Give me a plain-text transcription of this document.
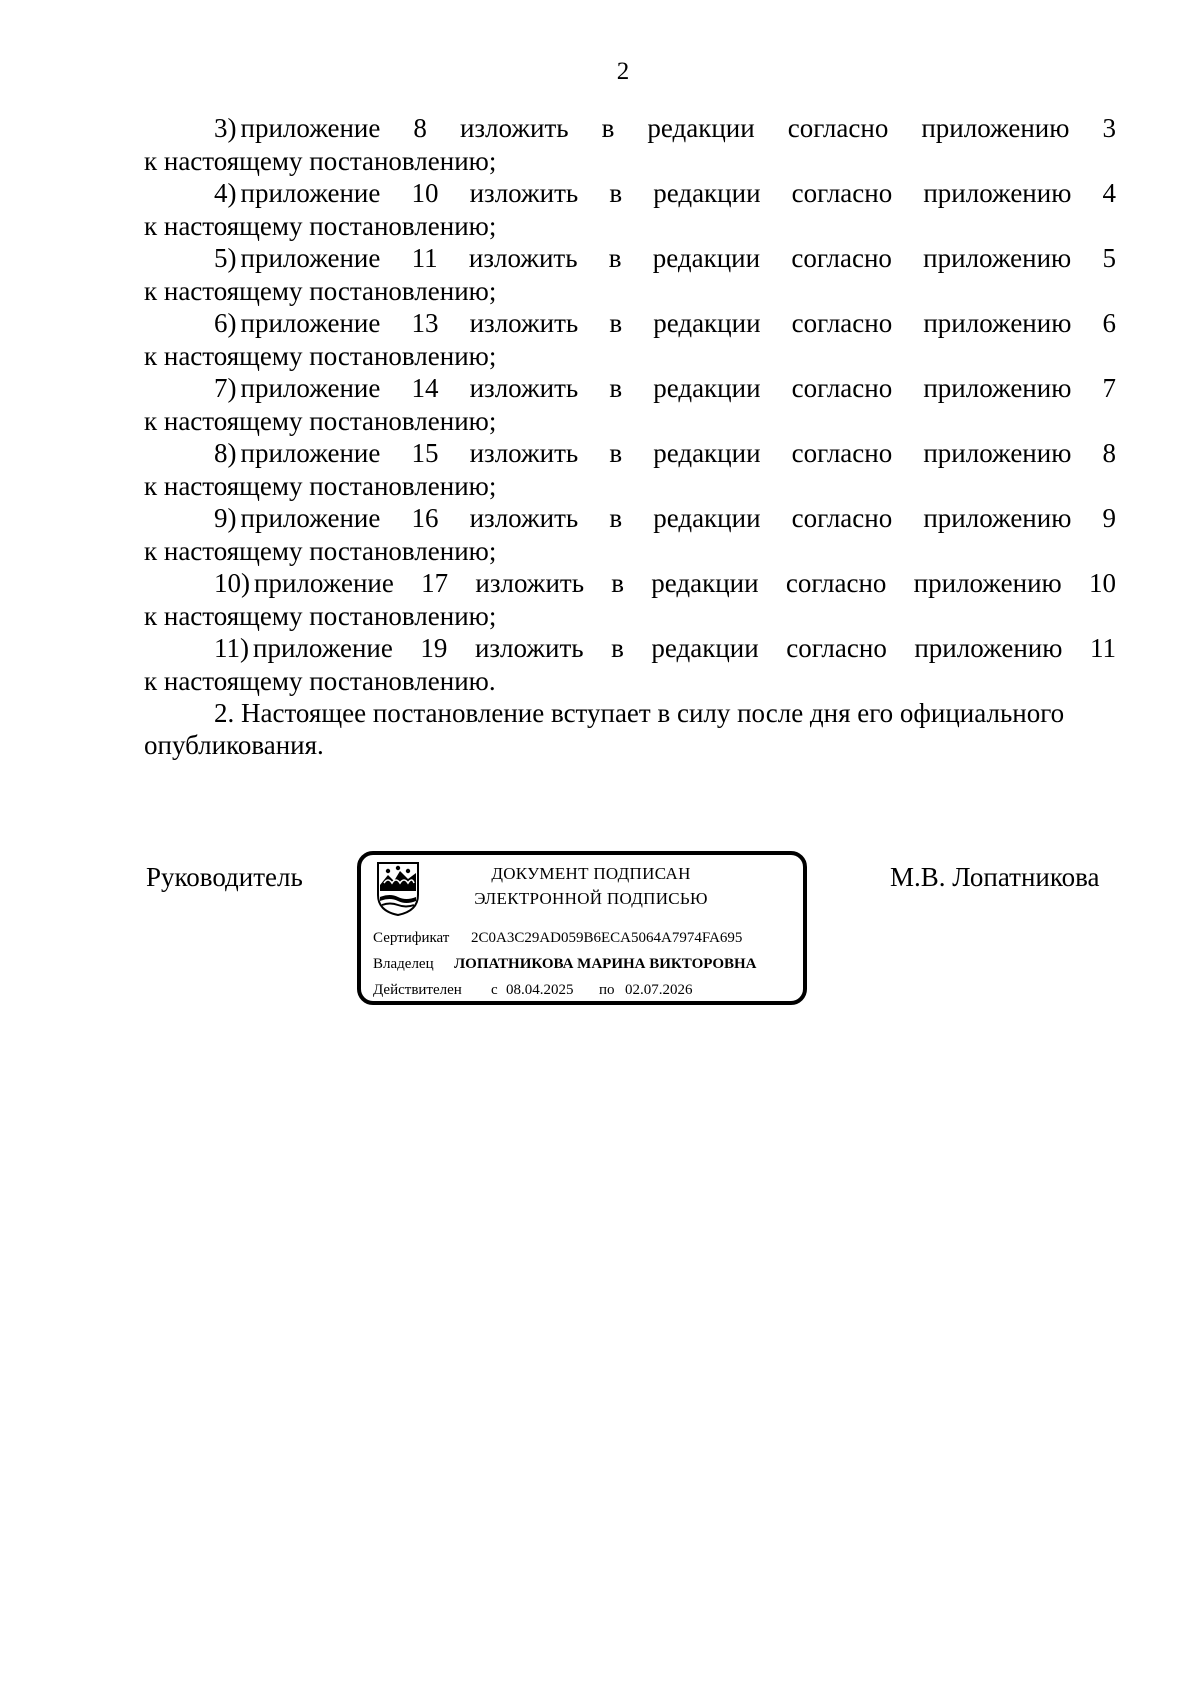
2
3) приложение 8 изложить в редакции согласно приложению 3
к настоящему постановлению;
4) приложение 10 изложить в редакции согласно приложению 4
к настоящему постановлению;
5) приложение 11 изложить в редакции согласно приложению 5
к настоящему постановлению;
6) приложение 13 изложить в редакции согласно приложению 6
к настоящему постановлению;
7) приложение 14 изложить в редакции согласно приложению 7
к настоящему постановлению;
8) приложение 15 изложить в редакции согласно приложению 8
к настоящему постановлению;
9) приложение 16 изложить в редакции согласно приложению 9
к настоящему постановлению;
10) приложение 17 изложить в редакции согласно приложению 10
к настоящему постановлению;
11) приложение 19 изложить в редакции согласно приложению 11
к настоящему постановлению.

2. Настоящее постановление вступает в силу после дня его официального опубликования.

Руководитель	ДОКУМЕНТ ПОДПИСАН
ЭЛЕКТРОННОЙ ПОДПИСЬЮ
Сертификат 2C0A3C29AD059B6ECA5064A7974FA695
Владелец ЛОПАТНИКОВА МАРИНА ВИКТОРОВНА
Действителен с 08.04.2025 по 02.07.2026
М.В. Лопатникова
